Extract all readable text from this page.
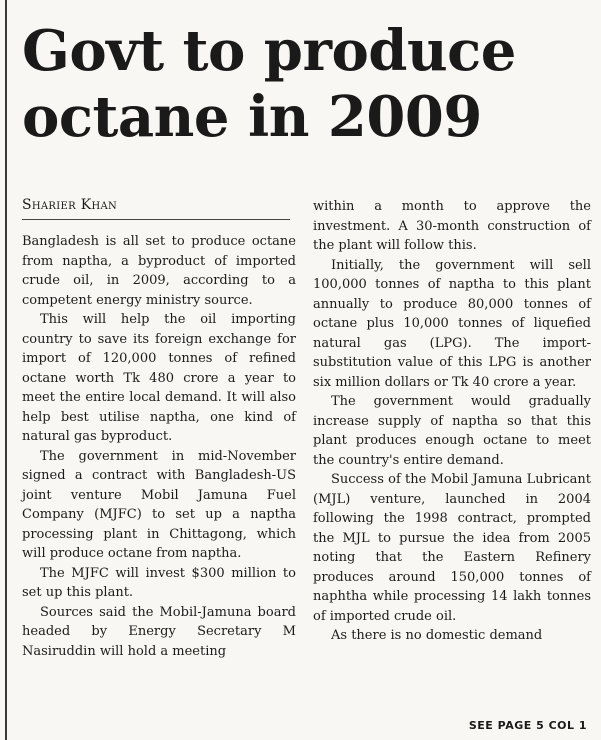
Govt to produce
octane in 2009
Sharier Khan

Bangladesh is all set to produce octane from naptha, a byproduct of imported crude oil, in 2009, according to a competent energy ministry source.

This will help the oil importing country to save its foreign exchange for import of 120,000 tonnes of refined octane worth Tk 480 crore a year to meet the entire local demand. It will also help best utilise naptha, one kind of natural gas byproduct.

The government in mid-November signed a contract with Bangladesh-US joint venture Mobil Jamuna Fuel Company (MJFC) to set up a naptha processing plant in Chittagong, which will produce octane from naptha.

The MJFC will invest $300 million to set up this plant.

Sources said the Mobil-Jamuna board headed by Energy Secretary M Nasiruddin will hold a meeting

within a month to approve the investment. A 30-month construction of the plant will follow this.

Initially, the government will sell 100,000 tonnes of naptha to this plant annually to produce 80,000 tonnes of octane plus 10,000 tonnes of liquefied natural gas (LPG). The import-substitution value of this LPG is another six million dollars or Tk 40 crore a year.

The government would gradually increase supply of naptha so that this plant produces enough octane to meet the country's entire demand.

Success of the Mobil Jamuna Lubricant (MJL) venture, launched in 2004 following the 1998 contract, prompted the MJL to pursue the idea from 2005 noting that the Eastern Refinery produces around 150,000 tonnes of naphtha while processing 14 lakh tonnes of imported crude oil.

As there is no domestic demand

SEE PAGE 5 COL 1
